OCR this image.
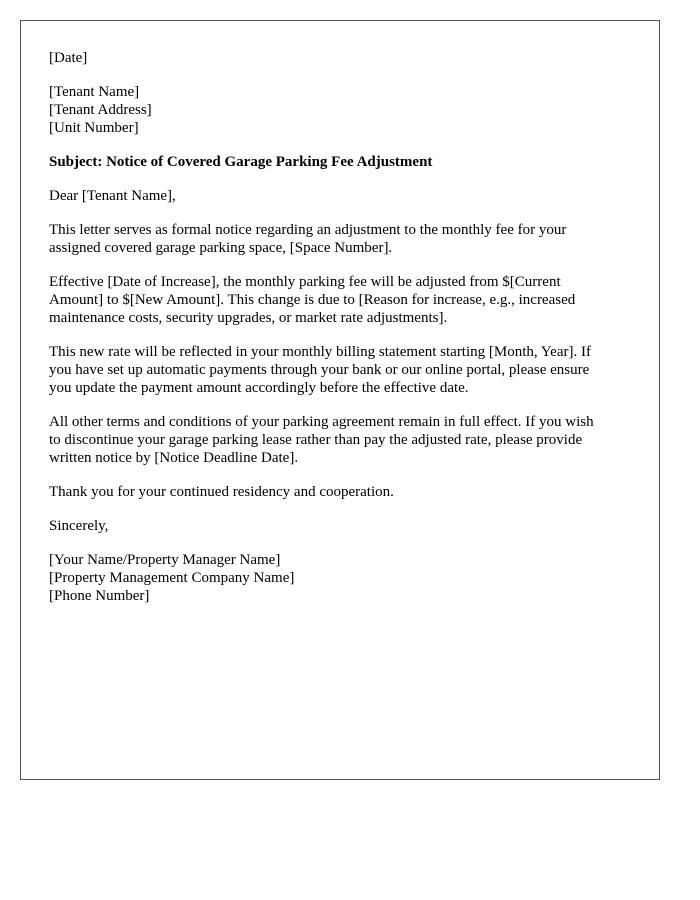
[Date]
[Tenant Name]
[Tenant Address]
[Unit Number]
Subject: Notice of Covered Garage Parking Fee Adjustment
Dear [Tenant Name],
This letter serves as formal notice regarding an adjustment to the monthly fee for your
assigned covered garage parking space, [Space Number].
Effective [Date of Increase], the monthly parking fee will be adjusted from $[Current
Amount] to $[New Amount]. This change is due to [Reason for increase, e.g., increased
maintenance costs, security upgrades, or market rate adjustments].
This new rate will be reflected in your monthly billing statement starting [Month, Year]. If
you have set up automatic payments through your bank or our online portal, please ensure
you update the payment amount accordingly before the effective date.
All other terms and conditions of your parking agreement remain in full effect. If you wish
to discontinue your garage parking lease rather than pay the adjusted rate, please provide
written notice by [Notice Deadline Date].
Thank you for your continued residency and cooperation.
Sincerely,
[Your Name/Property Manager Name]
[Property Management Company Name]
[Phone Number]
